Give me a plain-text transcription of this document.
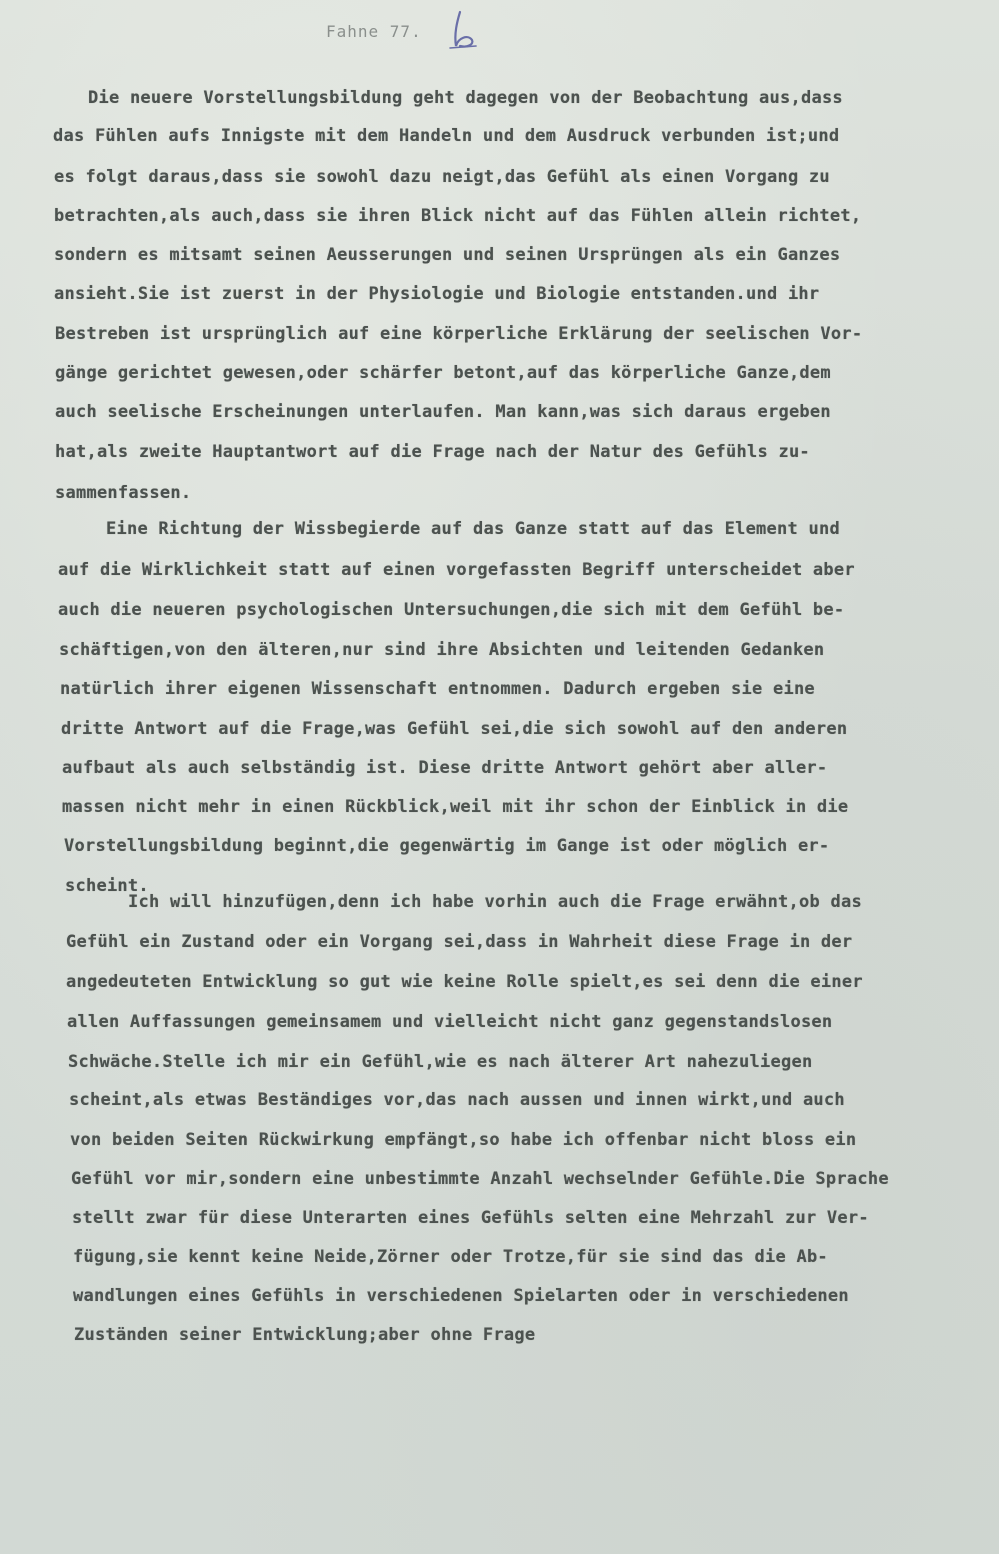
Fahne 77.
Die neuere Vorstellungsbildung geht dagegen von der Beobachtung aus,dass
das Fühlen aufs Innigste mit dem Handeln und dem Ausdruck verbunden ist;und
es folgt daraus,dass sie sowohl dazu neigt,das Gefühl als einen Vorgang zu
betrachten,als auch,dass sie ihren Blick nicht auf das Fühlen allein richtet,
sondern es mitsamt seinen Aeusserungen und seinen Ursprüngen als ein Ganzes
ansieht.Sie ist zuerst in der Physiologie und Biologie entstanden.und ihr
Bestreben ist ursprünglich auf eine körperliche Erklärung der seelischen Vor-
gänge gerichtet gewesen,oder schärfer betont,auf das körperliche Ganze,dem
auch seelische Erscheinungen unterlaufen. Man kann,was sich daraus ergeben
hat,als zweite Hauptantwort auf die Frage nach der Natur des Gefühls zu-
sammenfassen.
Eine Richtung der Wissbegierde auf das Ganze statt auf das Element und
auf die Wirklichkeit statt auf einen vorgefassten Begriff unterscheidet aber
auch die neueren psychologischen Untersuchungen,die sich mit dem Gefühl be-
schäftigen,von den älteren,nur sind ihre Absichten und leitenden Gedanken
natürlich ihrer eigenen Wissenschaft entnommen. Dadurch ergeben sie eine
dritte Antwort auf die Frage,was Gefühl sei,die sich sowohl auf den anderen
aufbaut als auch selbständig ist. Diese dritte Antwort gehört aber aller-
massen nicht mehr in einen Rückblick,weil mit ihr schon der Einblick in die
Vorstellungsbildung beginnt,die gegenwärtig im Gange ist oder möglich er-
scheint.
Ich will hinzufügen,denn ich habe vorhin auch die Frage erwähnt,ob das
Gefühl ein Zustand oder ein Vorgang sei,dass in Wahrheit diese Frage in der
angedeuteten Entwicklung so gut wie keine Rolle spielt,es sei denn die einer
allen Auffassungen gemeinsamem und vielleicht nicht ganz gegenstandslosen
Schwäche.Stelle ich mir ein Gefühl,wie es nach älterer Art nahezuliegen
scheint,als etwas Beständiges vor,das nach aussen und innen wirkt,und auch
von beiden Seiten Rückwirkung empfängt,so habe ich offenbar nicht bloss ein
Gefühl vor mir,sondern eine unbestimmte Anzahl wechselnder Gefühle.Die Sprache
stellt zwar für diese Unterarten eines Gefühls selten eine Mehrzahl zur Ver-
fügung,sie kennt keine Neide,Zörner oder Trotze,für sie sind das die Ab-
wandlungen eines Gefühls in verschiedenen Spielarten oder in verschiedenen
Zuständen seiner Entwicklung;aber ohne Frage
